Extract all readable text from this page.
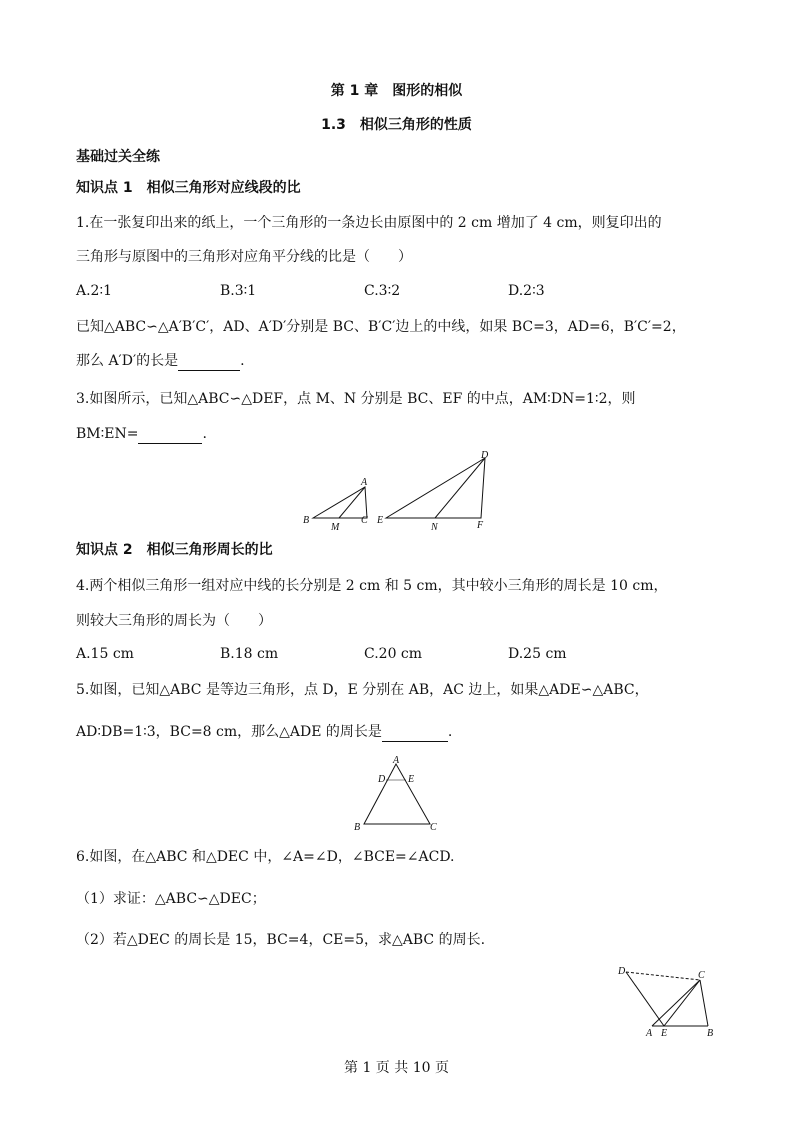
第 1 章　图形的相似
1.3　相似三角形的性质
基础过关全练
知识点 1　相似三角形对应线段的比
1.在一张复印出来的纸上，一个三角形的一条边长由原图中的 2 cm 增加了 4 cm，则复印出的
三角形与原图中的三角形对应角平分线的比是（　　）
A.2∶1	B.3∶1	C.3∶2	D.2∶3
已知△ABC∽△A′B′C′，AD、A′D′分别是 BC、B′C′边上的中线，如果 BC=3，AD=6，B′C′=2，
那么 A′D′的长是	.
3.如图所示，已知△ABC∽△DEF，点 M、N 分别是 BC、EF 的中点，AM∶DN=1∶2，则
BM∶EN=	.
A
B
M
C
D
E
N	F
知识点 2　相似三角形周长的比
4.两个相似三角形一组对应中线的长分别是 2 cm 和 5 cm，其中较小三角形的周长是 10 cm，
则较大三角形的周长为（　　）
A.15 cm	B.18 cm	C.20 cm	D.25 cm
5.如图，已知△ABC 是等边三角形，点 D，E 分别在 AB，AC 边上，如果△ADE∽△ABC，
AD∶DB=1∶3，BC=8 cm，那么△ADE 的周长是	.
A
D E
B	C
6.如图，在△ABC 和△DEC 中，∠A=∠D，∠BCE=∠ACD.
（1）求证：△ABC∽△DEC；
（2）若△DEC 的周长是 15，BC=4，CE=5，求△ABC 的周长.
D	C
A E	B
第 1 页 共 10 页
